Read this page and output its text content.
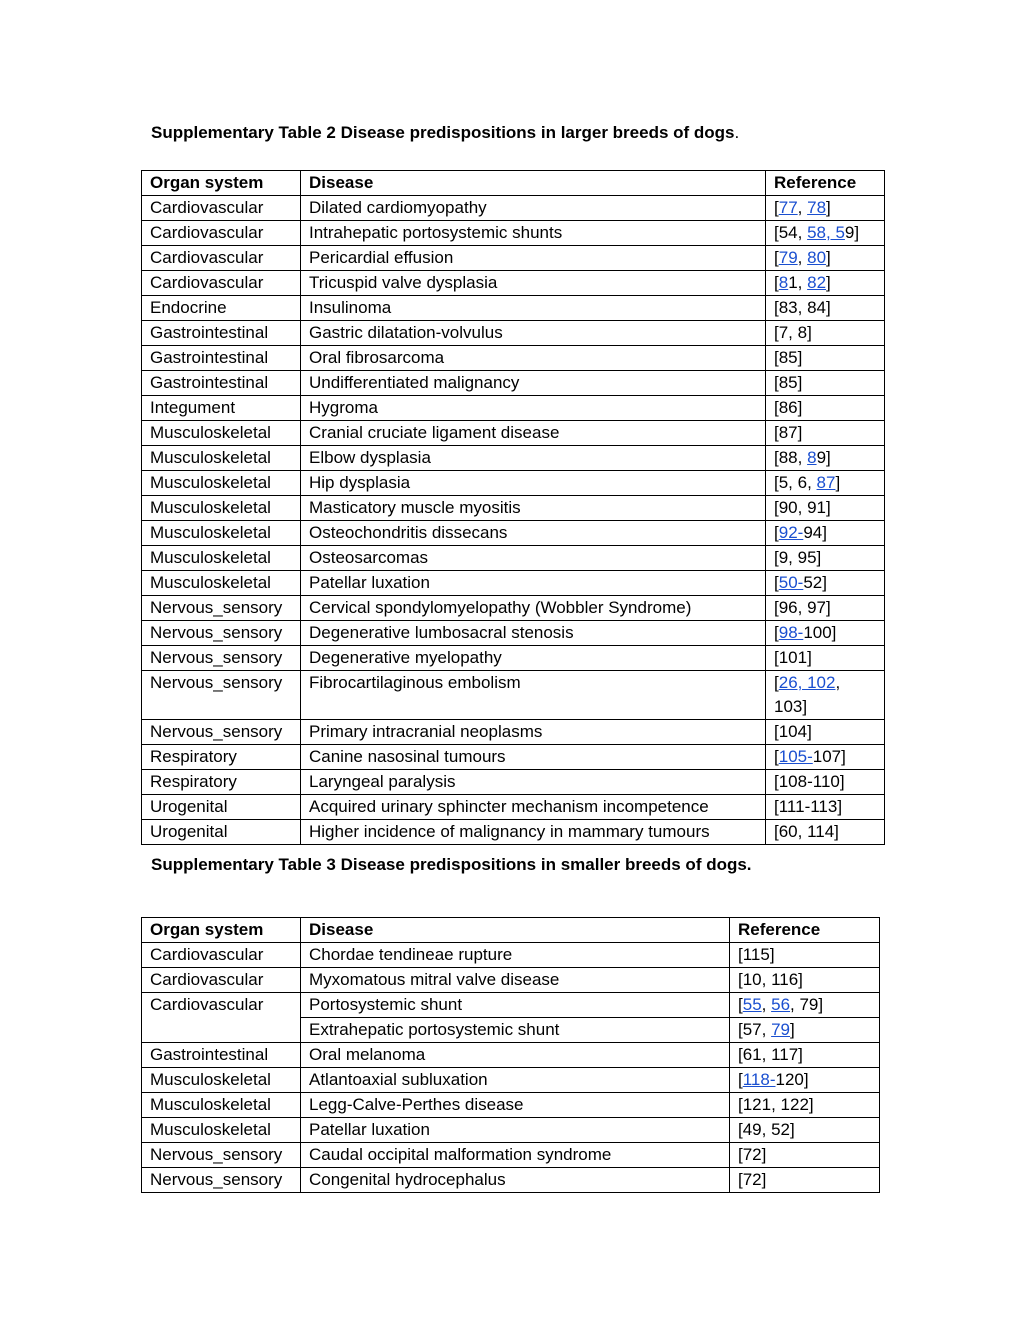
Supplementary Table 2 Disease predispositions in larger breeds of dogs.
Organ system	Disease	Reference
Cardiovascular	Dilated cardiomyopathy	[77, 78]
Cardiovascular	Intrahepatic portosystemic shunts	[54, 58, 59]
Cardiovascular	Pericardial effusion	[79, 80]
Cardiovascular	Tricuspid valve dysplasia	[81, 82]
Endocrine	Insulinoma	[83, 84]
Gastrointestinal	Gastric dilatation-volvulus	[7, 8]
Gastrointestinal	Oral fibrosarcoma	[85]
Gastrointestinal	Undifferentiated malignancy	[85]
Integument	Hygroma	[86]
Musculoskeletal	Cranial cruciate ligament disease	[87]
Musculoskeletal	Elbow dysplasia	[88, 89]
Musculoskeletal	Hip dysplasia	[5, 6, 87]
Musculoskeletal	Masticatory muscle myositis	[90, 91]
Musculoskeletal	Osteochondritis dissecans	[92-94]
Musculoskeletal	Osteosarcomas	[9, 95]
Musculoskeletal	Patellar luxation	[50-52]
Nervous_sensory	Cervical spondylomyelopathy (Wobbler Syndrome)	[96, 97]
Nervous_sensory	Degenerative lumbosacral stenosis	[98-100]
Nervous_sensory	Degenerative myelopathy	[101]
Nervous_sensory	Fibrocartilaginous embolism	[26, 102,
103]

Nervous_sensory	Primary intracranial neoplasms	[104]
Respiratory	Canine nasosinal tumours	[105-107]
Respiratory	Laryngeal paralysis	[108-110]
Urogenital	Acquired urinary sphincter mechanism incompetence	[111-113]
Urogenital	Higher incidence of malignancy in mammary tumours	[60, 114]
Supplementary Table 3 Disease predispositions in smaller breeds of dogs.
Organ system	Disease	Reference
Cardiovascular	Chordae tendineae rupture	[115]
Cardiovascular	Myxomatous mitral valve disease	[10, 116]
Cardiovascular	Portosystemic shunt	[55, 56, 79]
	Extrahepatic portosystemic shunt	[57, 79]
Gastrointestinal	Oral melanoma	[61, 117]
Musculoskeletal	Atlantoaxial subluxation	[118-120]
Musculoskeletal	Legg-Calve-Perthes disease	[121, 122]
Musculoskeletal	Patellar luxation	[49, 52]
Nervous_sensory	Caudal occipital malformation syndrome	[72]
Nervous_sensory	Congenital hydrocephalus	[72]
